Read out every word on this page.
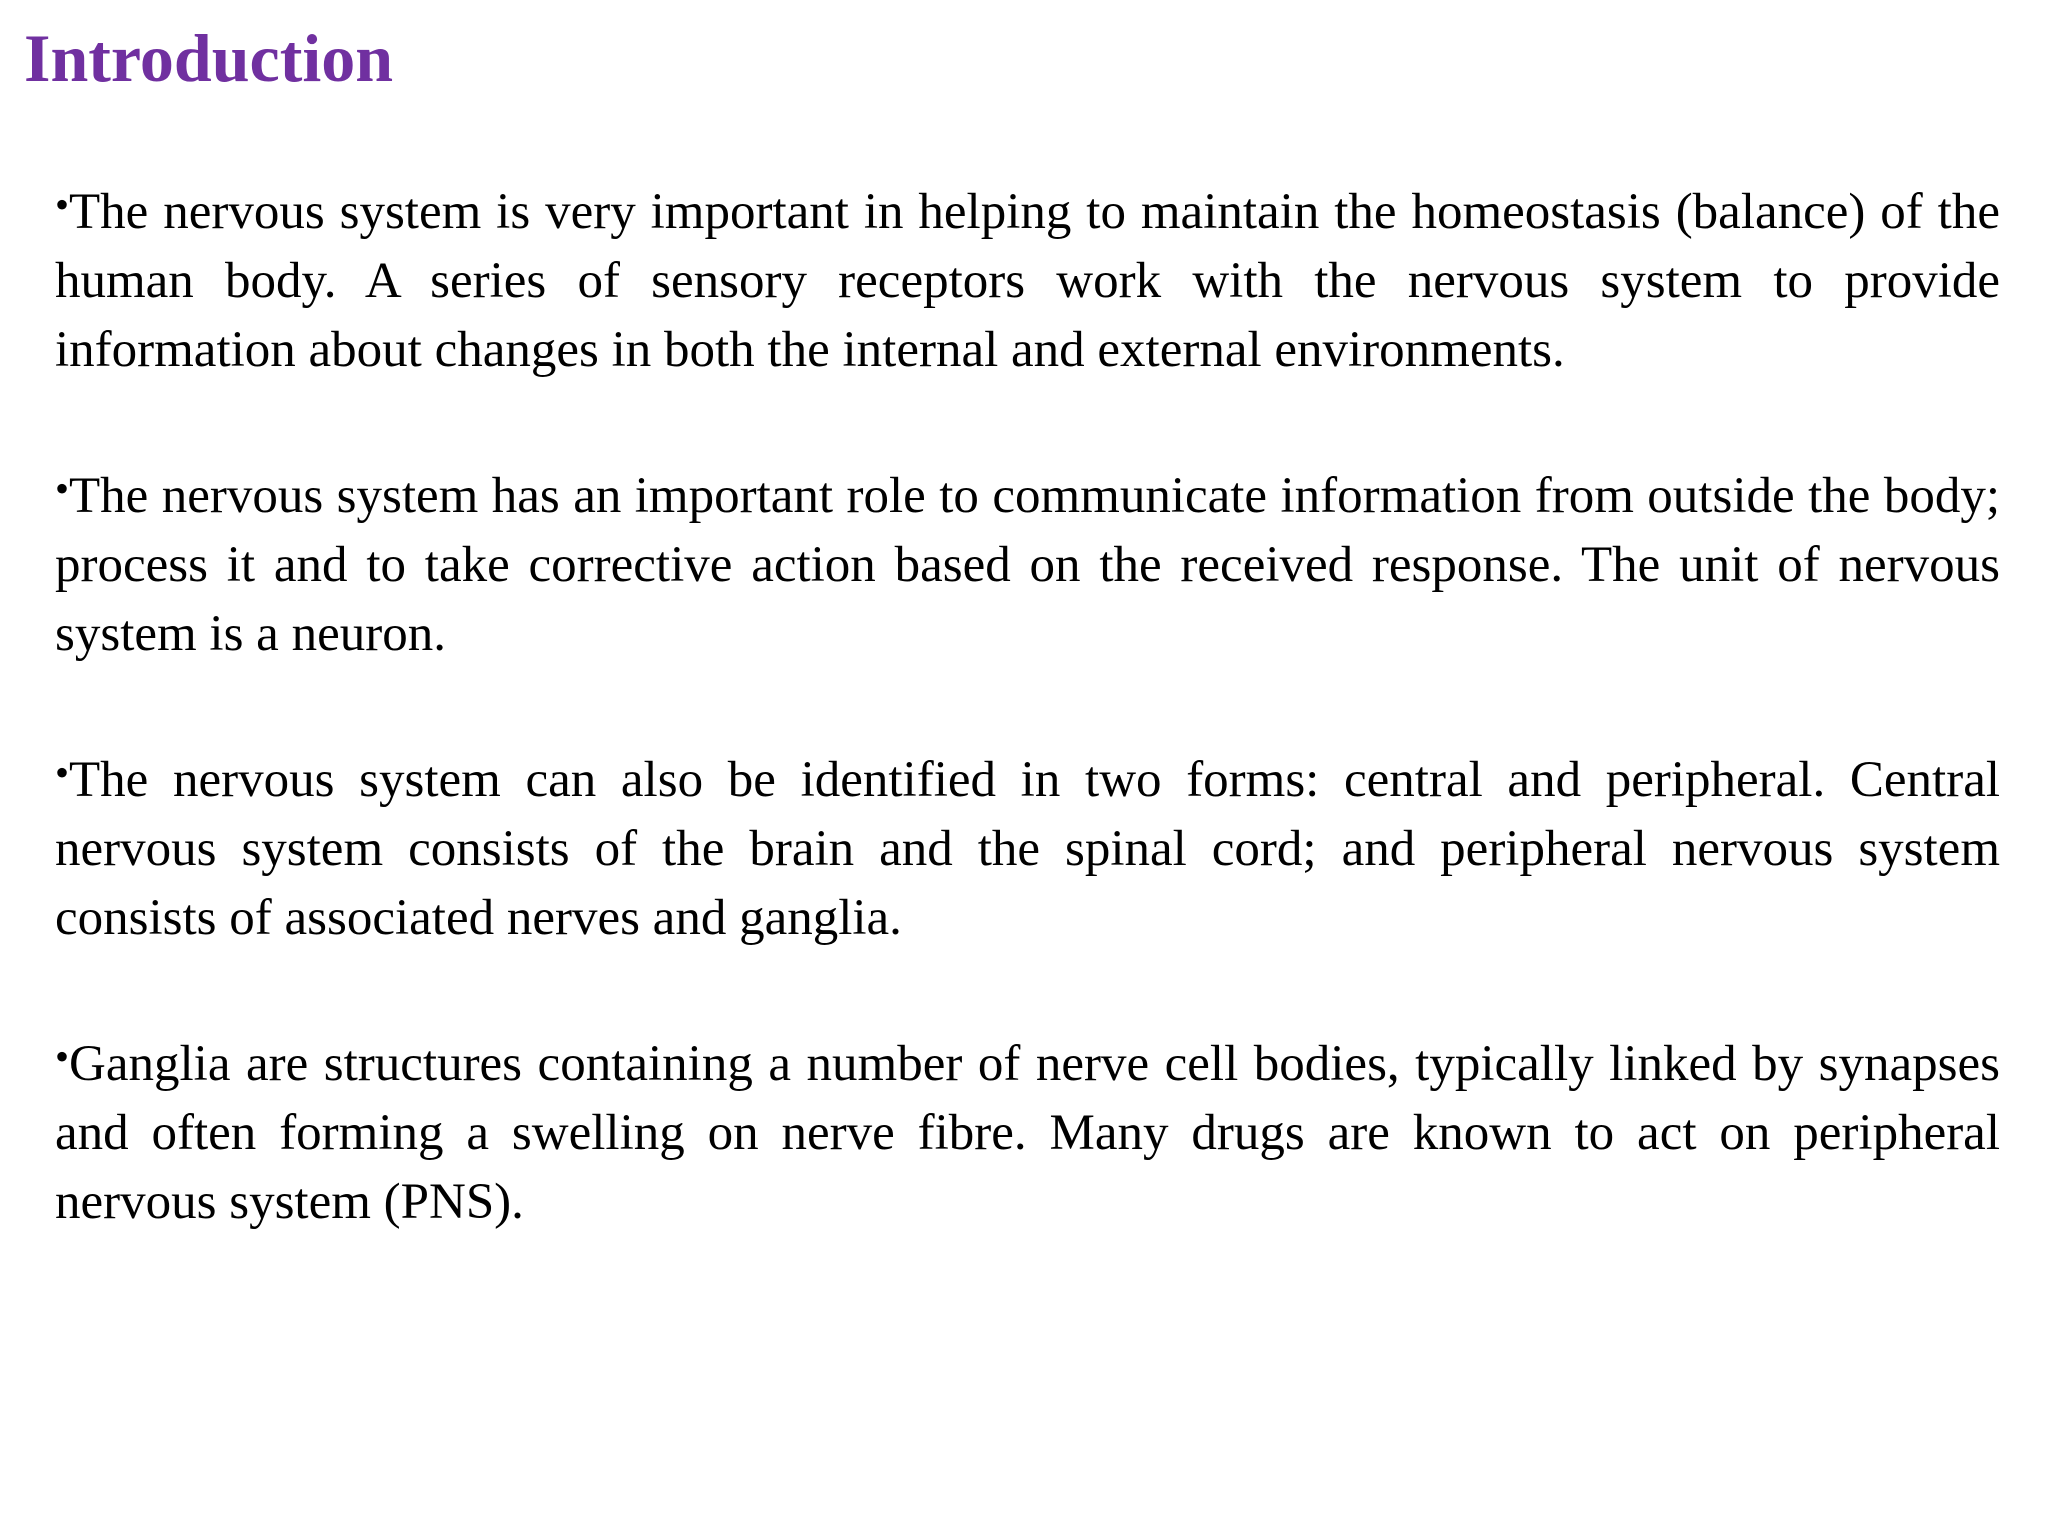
Introduction
•The nervous system is very important in helping to maintain the homeostasis (balance) of the human body. A series of sensory receptors work with the nervous system to provide information about changes in both the internal and external environments.
•The nervous system has an important role to communicate information from outside the body; process it and to take corrective action based on the received response. The unit of nervous system is a neuron.
•The nervous system can also be identified in two forms: central and peripheral. Central nervous system consists of the brain and the spinal cord; and peripheral nervous system consists of associated nerves and ganglia.
•Ganglia are structures containing a number of nerve cell bodies, typically linked by synapses and often forming a swelling on nerve fibre. Many drugs are known to act on peripheral nervous system (PNS).
